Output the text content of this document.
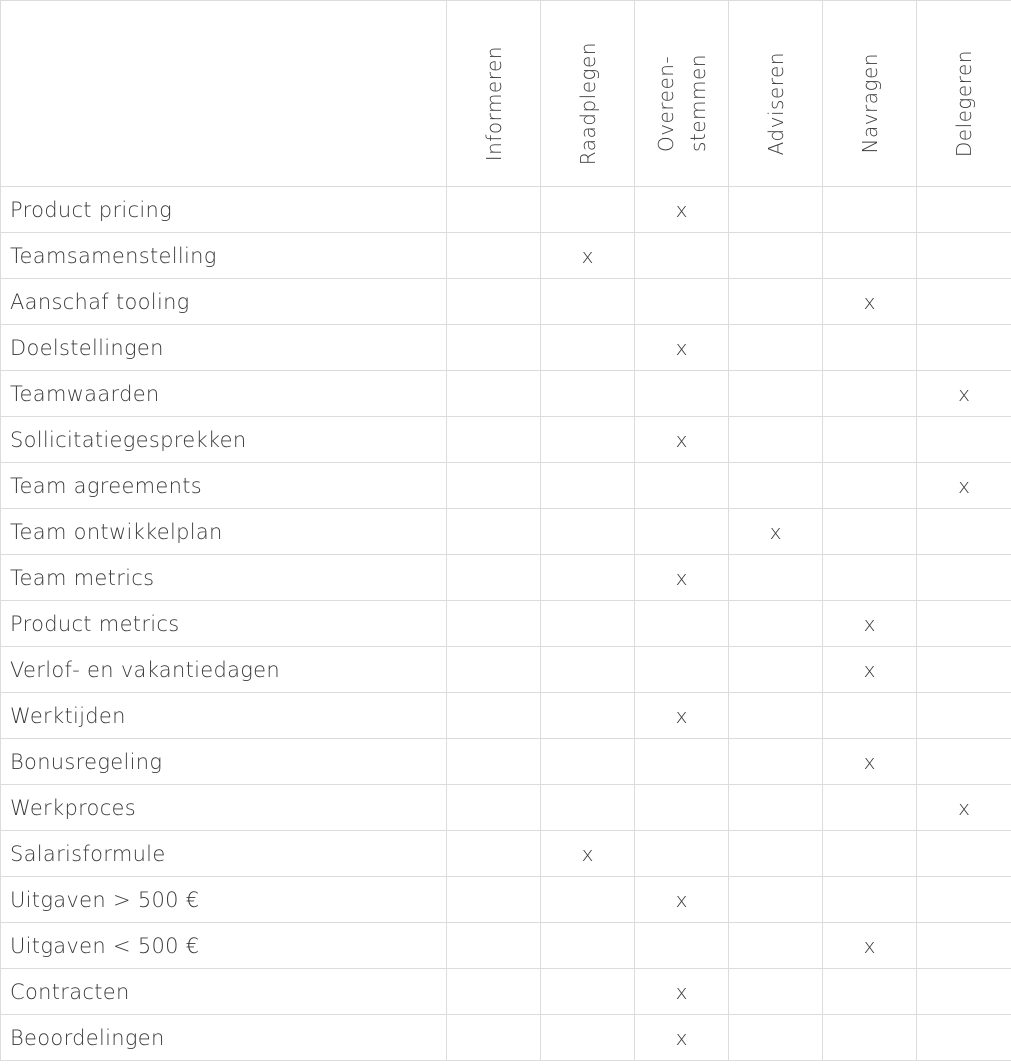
	Informeren	Raadplegen	Overeen-
stemmen	Adviseren	Navragen	Delegeren

Product pricing			x			
Teamsamenstelling		x				
Aanschaf tooling					x	
Doelstellingen			x			
Teamwaarden						x
Sollicitatiegesprekken			x			
Team agreements						x
Team ontwikkelplan				x		
Team metrics			x			
Product metrics					x	
Verlof- en vakantiedagen					x	
Werktijden			x			
Bonusregeling					x	
Werkproces						x
Salarisformule		x				
Uitgaven > 500 €			x			
Uitgaven < 500 €					x	
Contracten			x			
Beoordelingen			x			
